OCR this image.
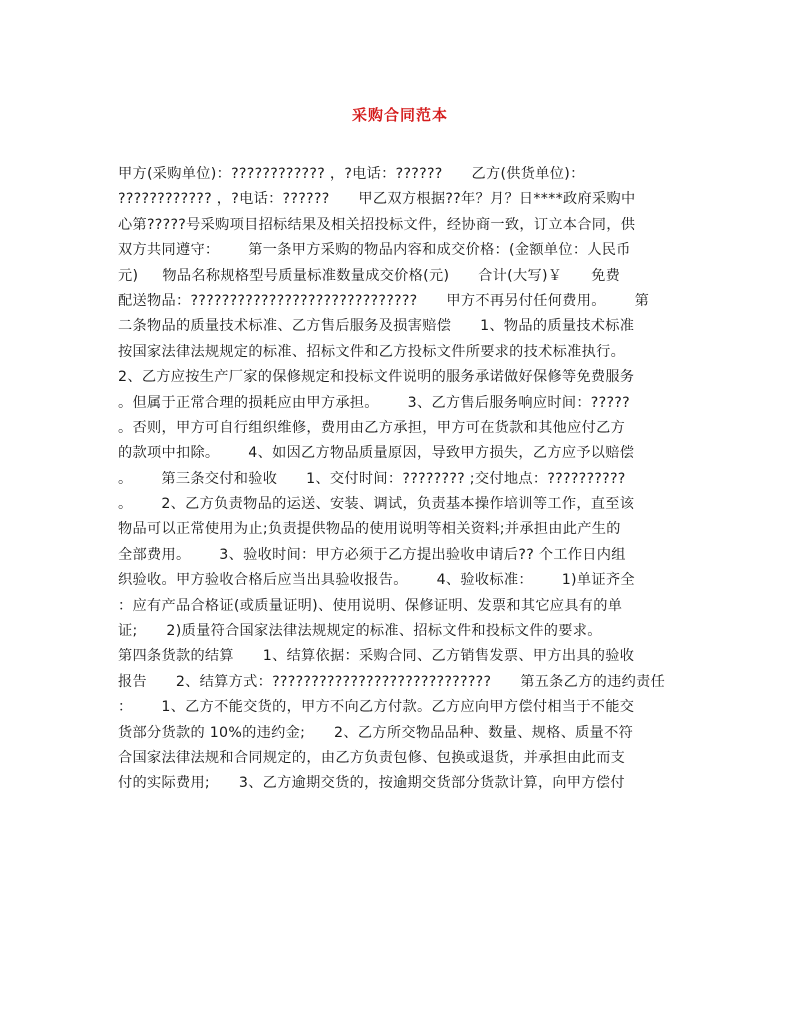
采购合同范本
甲方(采购单位)：???????????? ，?电话：??????      乙方(供货单位)：
???????????? ，?电话：??????      甲乙双方根据??年？月？日****政府采购中
心第?????号采购项目招标结果及相关招投标文件，经协商一致，订立本合同，供
双方共同遵守：      第一条甲方采购的物品内容和成交价格：(金额单位：人民币
元)     物品名称规格型号质量标准数量成交价格(元)      合计(大写)￥      免费
配送物品：?????????????????????????????      甲方不再另付任何费用。      第
二条物品的质量技术标准、乙方售后服务及损害赔偿      1、物品的质量技术标准
按国家法律法规规定的标准、招标文件和乙方投标文件所要求的技术标准执行。
2、乙方应按生产厂家的保修规定和投标文件说明的服务承诺做好保修等免费服务
。但属于正常合理的损耗应由甲方承担。      3、乙方售后服务响应时间：?????
。否则，甲方可自行组织维修，费用由乙方承担，甲方可在货款和其他应付乙方
的款项中扣除。      4、如因乙方物品质量原因，导致甲方损失，乙方应予以赔偿
。      第三条交付和验收      1、交付时间：???????? ;交付地点：??????????
。      2、乙方负责物品的运送、安装、调试，负责基本操作培训等工作，直至该
物品可以正常使用为止;负责提供物品的使用说明等相关资料;并承担由此产生的
全部费用。      3、验收时间：甲方必须于乙方提出验收申请后?? 个工作日内组
织验收。甲方验收合格后应当出具验收报告。      4、验收标准：      1)单证齐全
：应有产品合格证(或质量证明)、使用说明、保修证明、发票和其它应具有的单
证;      2)质量符合国家法律法规规定的标准、招标文件和投标文件的要求。
第四条货款的结算      1、结算依据：采购合同、乙方销售发票、甲方出具的验收
报告      2、结算方式：????????????????????????????      第五条乙方的违约责任
：      1、乙方不能交货的，甲方不向乙方付款。乙方应向甲方偿付相当于不能交
货部分货款的 10%的违约金;      2、乙方所交物品品种、数量、规格、质量不符
合国家法律法规和合同规定的，由乙方负责包修、包换或退货，并承担由此而支
付的实际费用;      3、乙方逾期交货的，按逾期交货部分货款计算，向甲方偿付
